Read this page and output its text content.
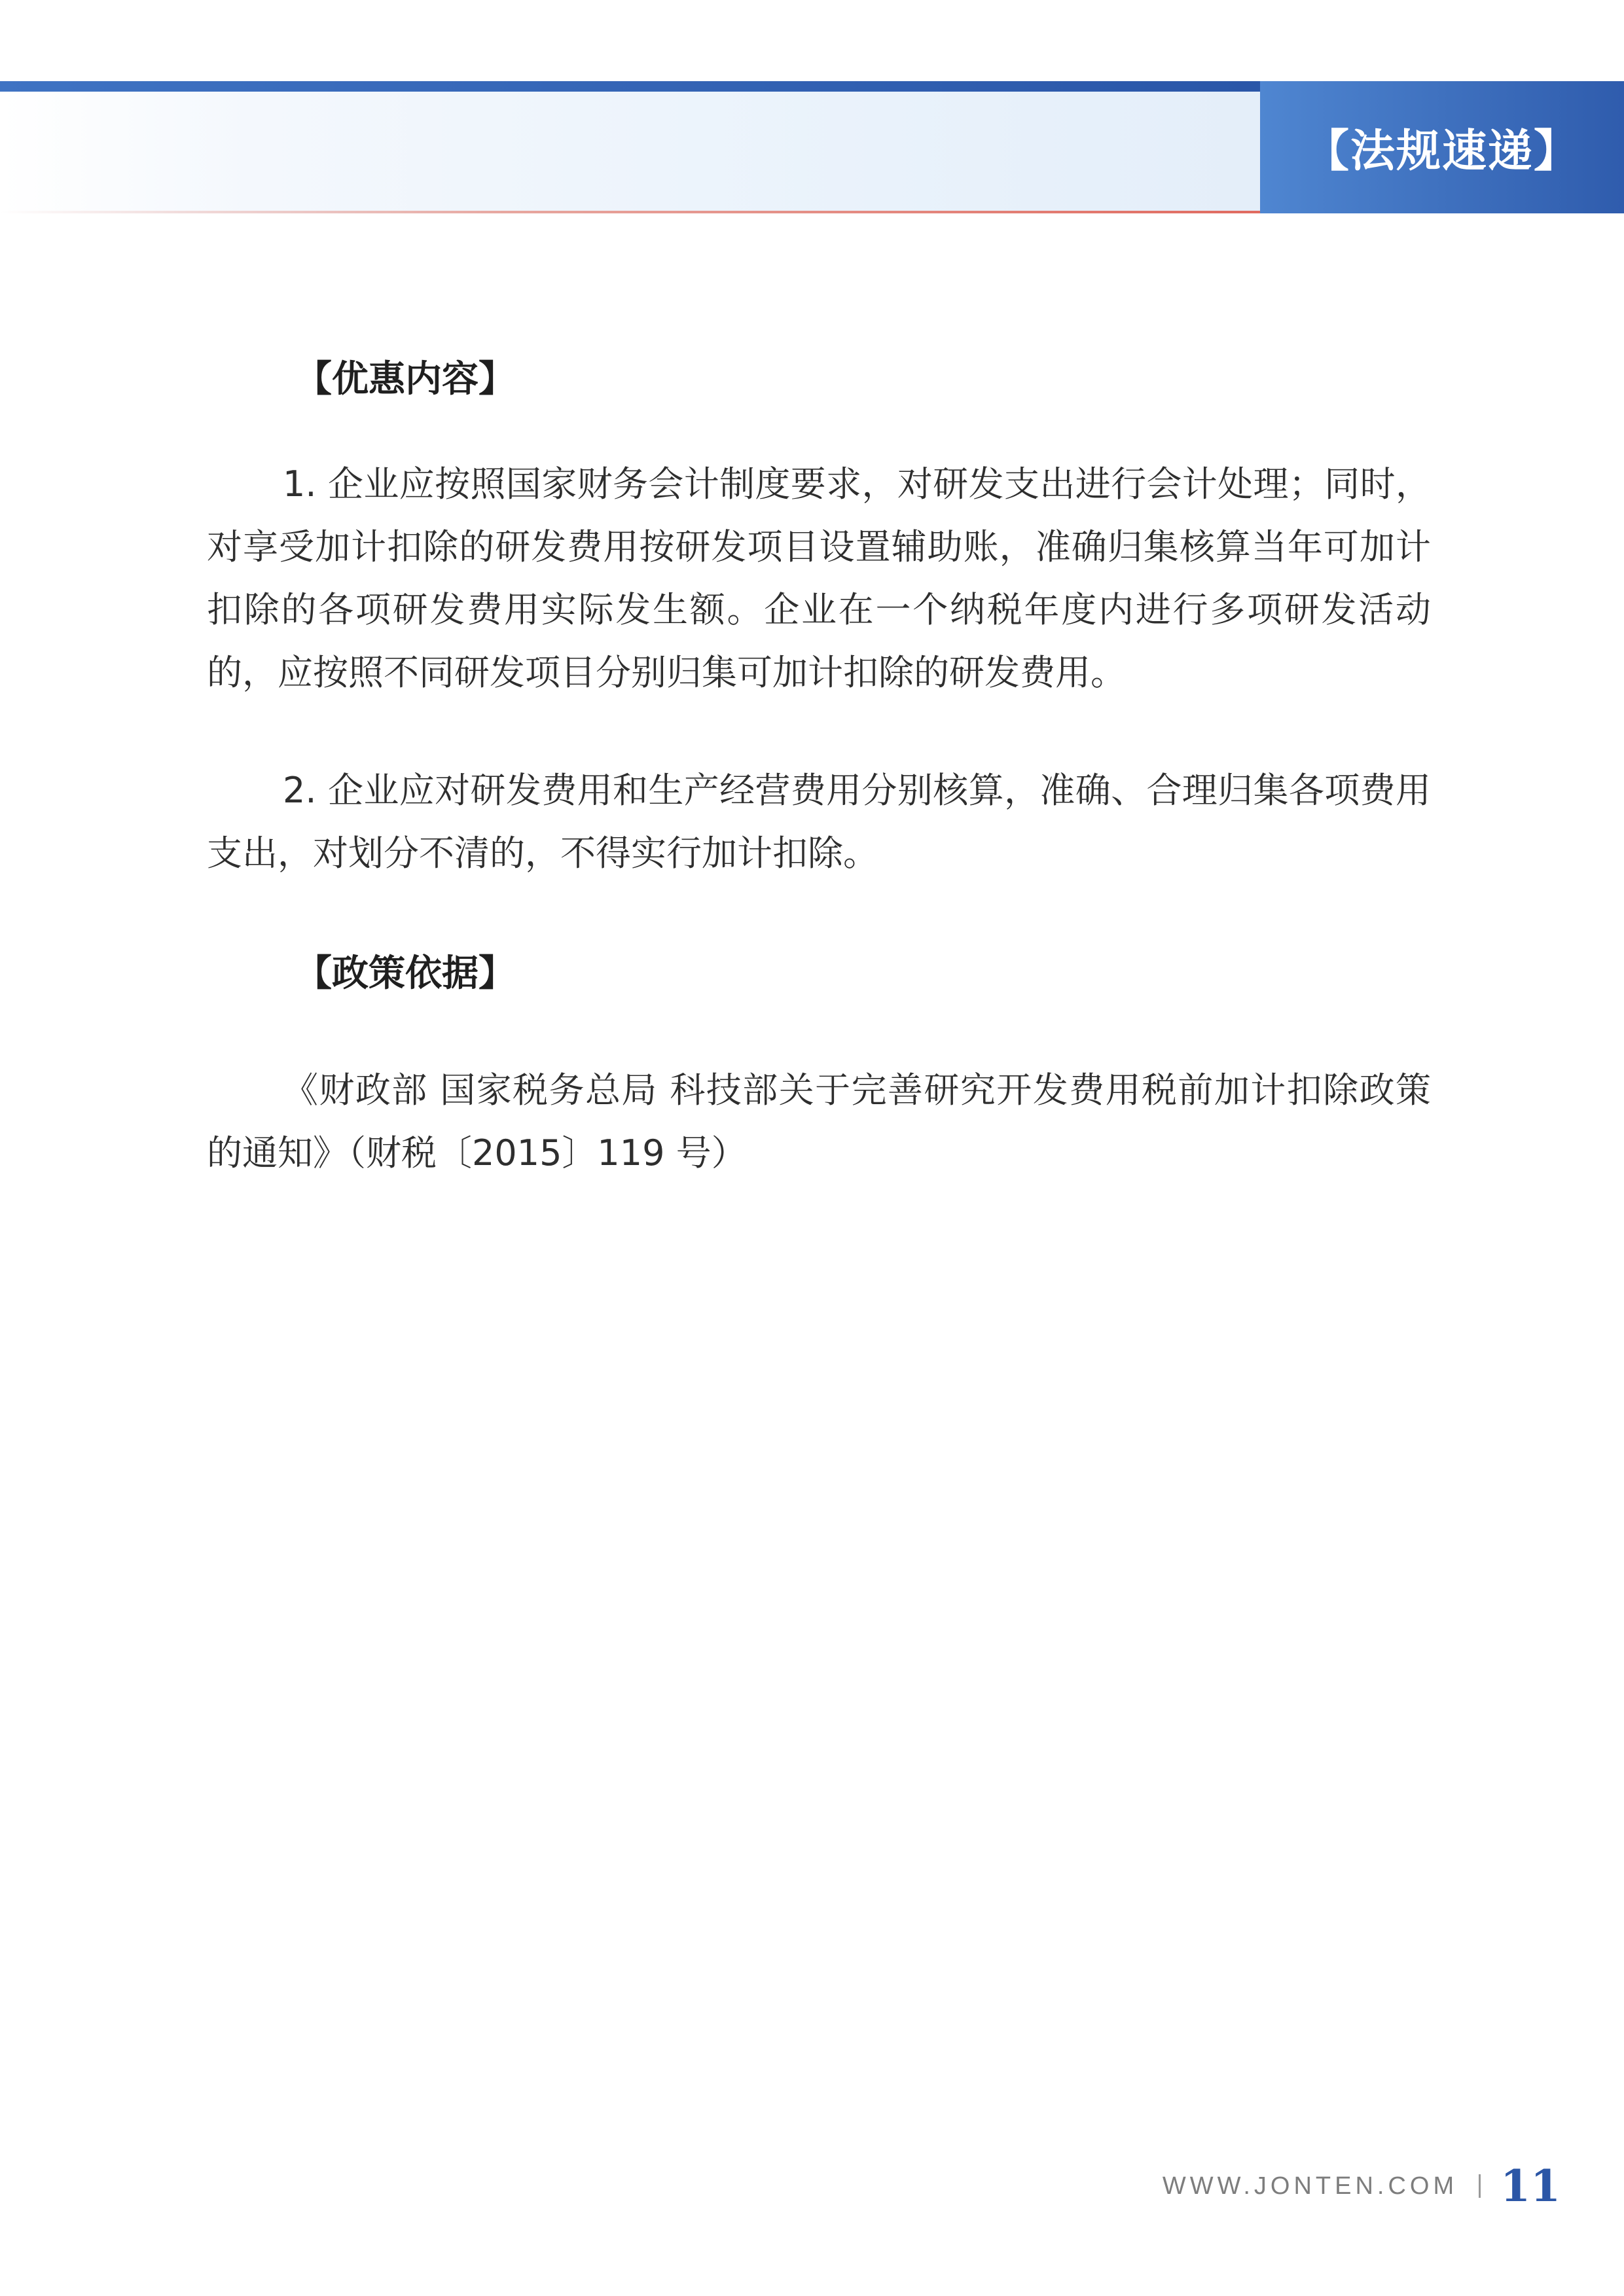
【法规速递】

【优惠内容】

1. 企业应按照国家财务会计制度要求，对研发支出进行会计处理；同时，对享受加计扣除的研发费用按研发项目设置辅助账，准确归集核算当年可加计扣除的各项研发费用实际发生额。企业在一个纳税年度内进行多项研发活动的，应按照不同研发项目分别归集可加计扣除的研发费用。

2. 企业应对研发费用和生产经营费用分别核算，准确、合理归集各项费用支出，对划分不清的，不得实行加计扣除。

【政策依据】

《财政部 国家税务总局 科技部关于完善研究开发费用税前加计扣除政策的通知》（财税〔2015〕119 号）

WWW.JONTEN.COM 11
